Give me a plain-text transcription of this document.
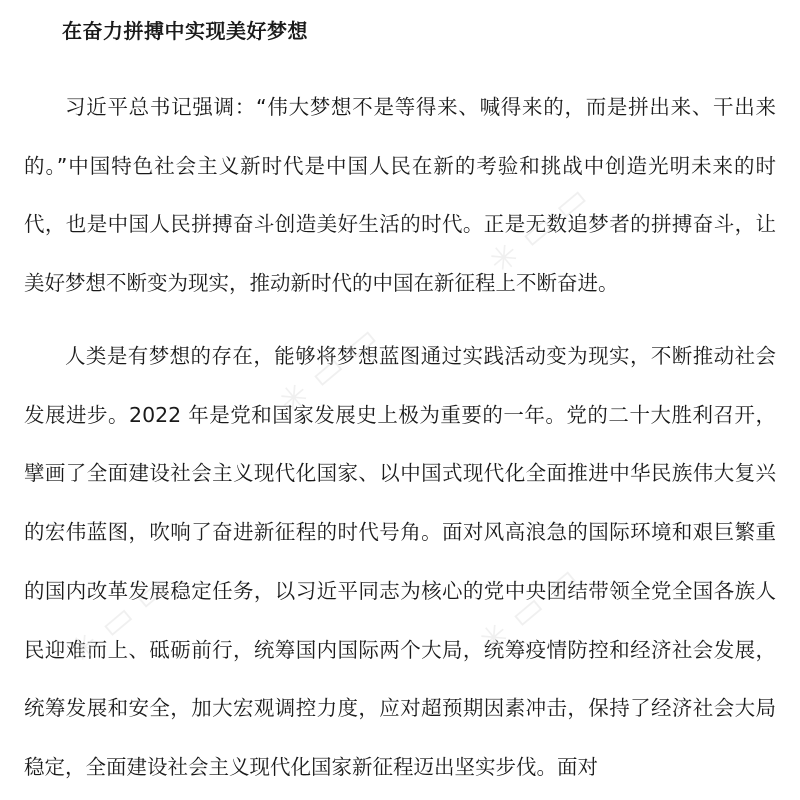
在奋力拼搏中实现美好梦想

习近平总书记强调：“伟大梦想不是等得来、喊得来的，而是拼出来、干出来的。”中国特色社会主义新时代是中国人民在新的考验和挑战中创造光明未来的时代，也是中国人民拼搏奋斗创造美好生活的时代。正是无数追梦者的拼搏奋斗，让美好梦想不断变为现实，推动新时代的中国在新征程上不断奋进。

人类是有梦想的存在，能够将梦想蓝图通过实践活动变为现实，不断推动社会发展进步。2022 年是党和国家发展史上极为重要的一年。党的二十大胜利召开，擘画了全面建设社会主义现代化国家、以中国式现代化全面推进中华民族伟大复兴的宏伟蓝图，吹响了奋进新征程的时代号角。面对风高浪急的国际环境和艰巨繁重的国内改革发展稳定任务，以习近平同志为核心的党中央团结带领全党全国各族人民迎难而上、砥砺前行，统筹国内国际两个大局，统筹疫情防控和经济社会发展，统筹发展和安全，加大宏观调控力度，应对超预期因素冲击，保持了经济社会大局稳定，全面建设社会主义现代化国家新征程迈出坚实步伐。面对

✳︎ ▭ ▭
✳︎ ▭ ▭
✳︎ ▭ ▭
✳︎ ▭ ▭
